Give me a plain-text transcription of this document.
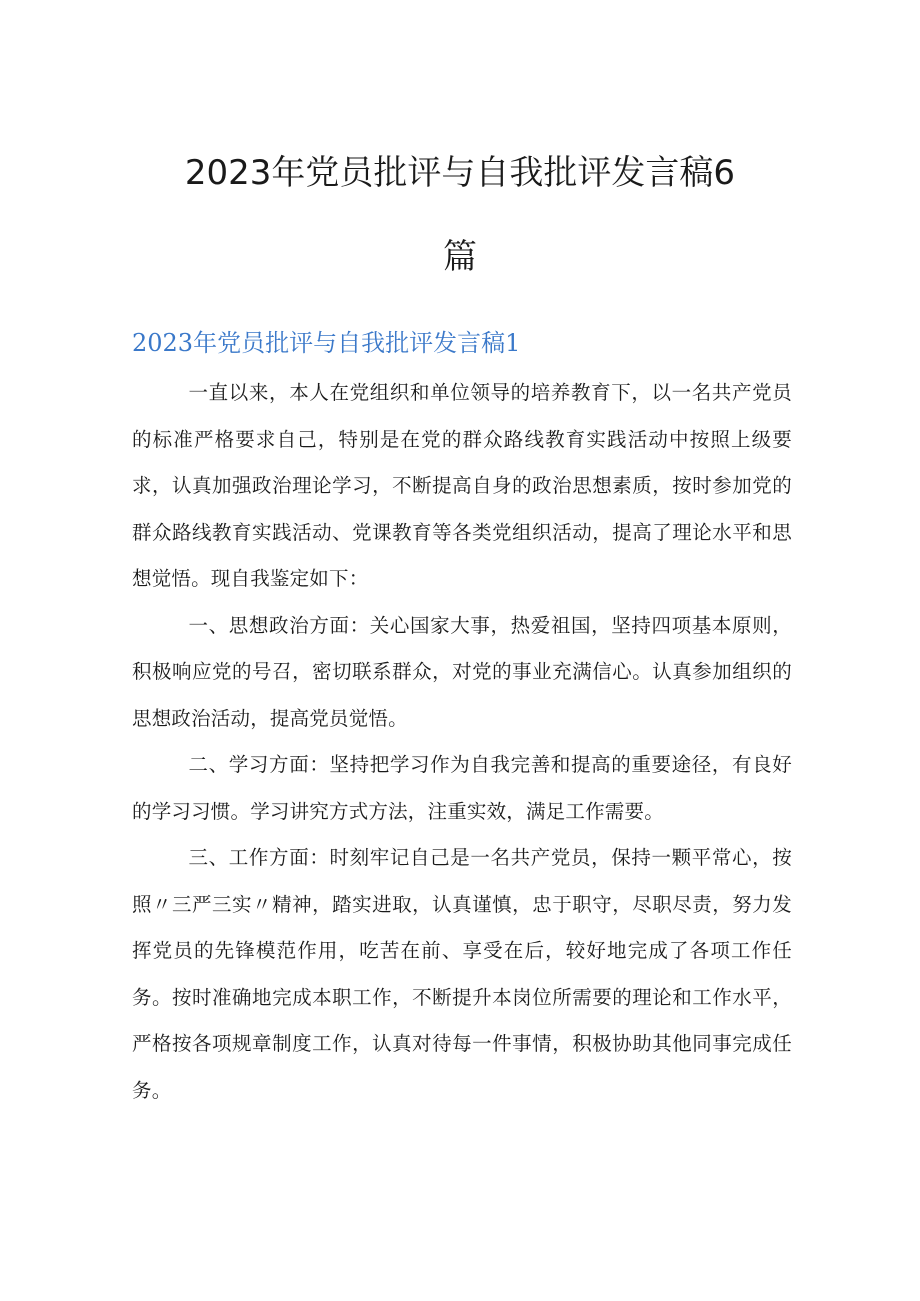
2023年党员批评与自我批评发言稿6
篇
2023年党员批评与自我批评发言稿1

一直以来，本人在党组织和单位领导的培养教育下，以一名共产党员的标准严格要求自己，特别是在党的群众路线教育实践活动中按照上级要求，认真加强政治理论学习，不断提高自身的政治思想素质，按时参加党的群众路线教育实践活动、党课教育等各类党组织活动，提高了理论水平和思想觉悟。现自我鉴定如下：

一、思想政治方面：关心国家大事，热爱祖国，坚持四项基本原则，积极响应党的号召，密切联系群众，对党的事业充满信心。认真参加组织的思想政治活动，提高党员觉悟。

二、学习方面：坚持把学习作为自我完善和提高的重要途径，有良好的学习习惯。学习讲究方式方法，注重实效，满足工作需要。

三、工作方面：时刻牢记自己是一名共产党员，保持一颗平常心，按照〃三严三实〃精神，踏实进取，认真谨慎，忠于职守，尽职尽责，努力发挥党员的先锋模范作用，吃苦在前、享受在后，较好地完成了各项工作任务。按时准确地完成本职工作，不断提升本岗位所需要的理论和工作水平，严格按各项规章制度工作，认真对待每一件事情，积极协助其他同事完成任务。
